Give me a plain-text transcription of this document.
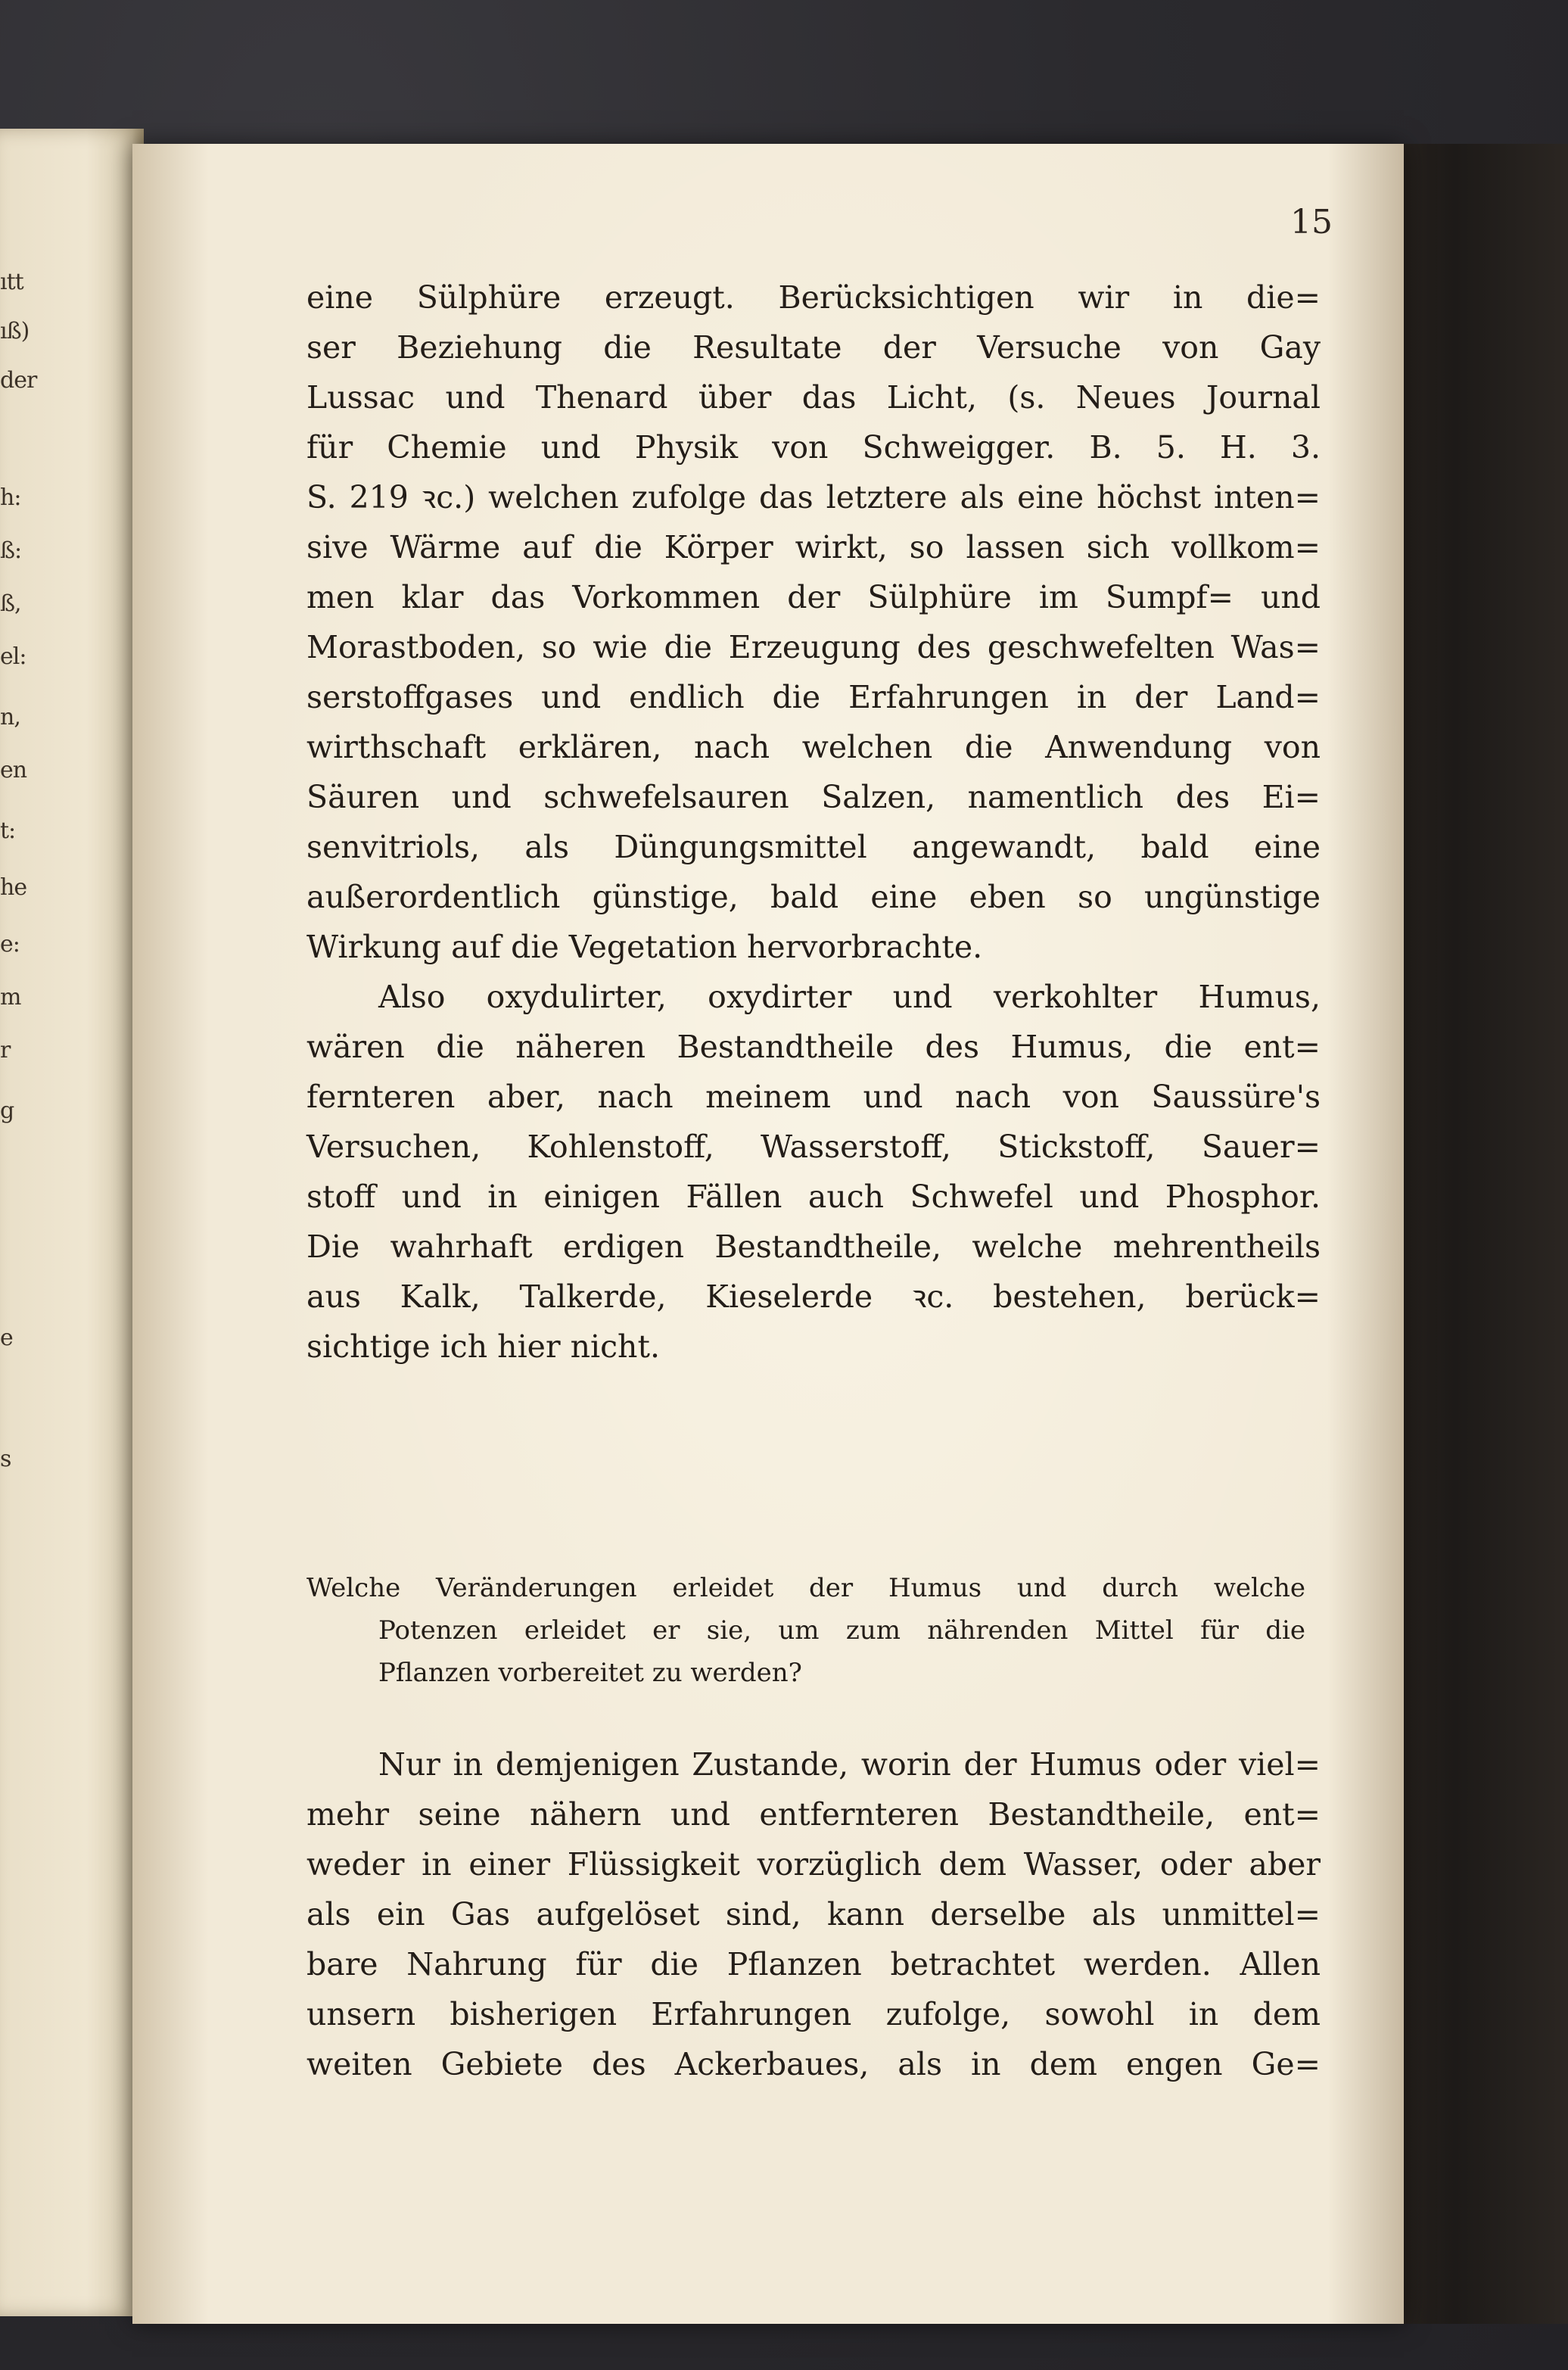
ıtt
ıß)
der
h:
ß:
ß,
el:
n,
en
t:
he
e:
m
r
g
e
s
15
eine Sülphüre erzeugt. Berücksichtigen wir in die=
ser Beziehung die Resultate der Versuche von Gay
Lussac und Thenard über das Licht, (s. Neues Journal
für Chemie und Physik von Schweigger. B. 5. H. 3.
S. 219 ꝛc.) welchen zufolge das letztere als eine höchst inten=
sive Wärme auf die Körper wirkt, so lassen sich vollkom=
men klar das Vorkommen der Sülphüre im Sumpf= und
Morastboden, so wie die Erzeugung des geschwefelten Was=
serstoffgases und endlich die Erfahrungen in der Land=
wirthschaft erklären, nach welchen die Anwendung von
Säuren und schwefelsauren Salzen, namentlich des Ei=
senvitriols, als Düngungsmittel angewandt, bald eine
außerordentlich günstige, bald eine eben so ungünstige
Wirkung auf die Vegetation hervorbrachte.
Also oxydulirter, oxydirter und verkohlter Humus,
wären die näheren Bestandtheile des Humus, die ent=
fernteren aber, nach meinem und nach von Saussüre's
Versuchen, Kohlenstoff, Wasserstoff, Stickstoff, Sauer=
stoff und in einigen Fällen auch Schwefel und Phosphor.
Die wahrhaft erdigen Bestandtheile, welche mehrentheils
aus Kalk, Talkerde, Kieselerde ꝛc. bestehen, berück=
sichtige ich hier nicht.
Welche Veränderungen erleidet der Humus und durch welche
Potenzen erleidet er sie, um zum nährenden Mittel für die
Pflanzen vorbereitet zu werden?
Nur in demjenigen Zustande, worin der Humus oder viel=
mehr seine nähern und entfernteren Bestandtheile, ent=
weder in einer Flüssigkeit vorzüglich dem Wasser, oder aber
als ein Gas aufgelöset sind, kann derselbe als unmittel=
bare Nahrung für die Pflanzen betrachtet werden. Allen
unsern bisherigen Erfahrungen zufolge, sowohl in dem
weiten Gebiete des Ackerbaues, als in dem engen Ge=
